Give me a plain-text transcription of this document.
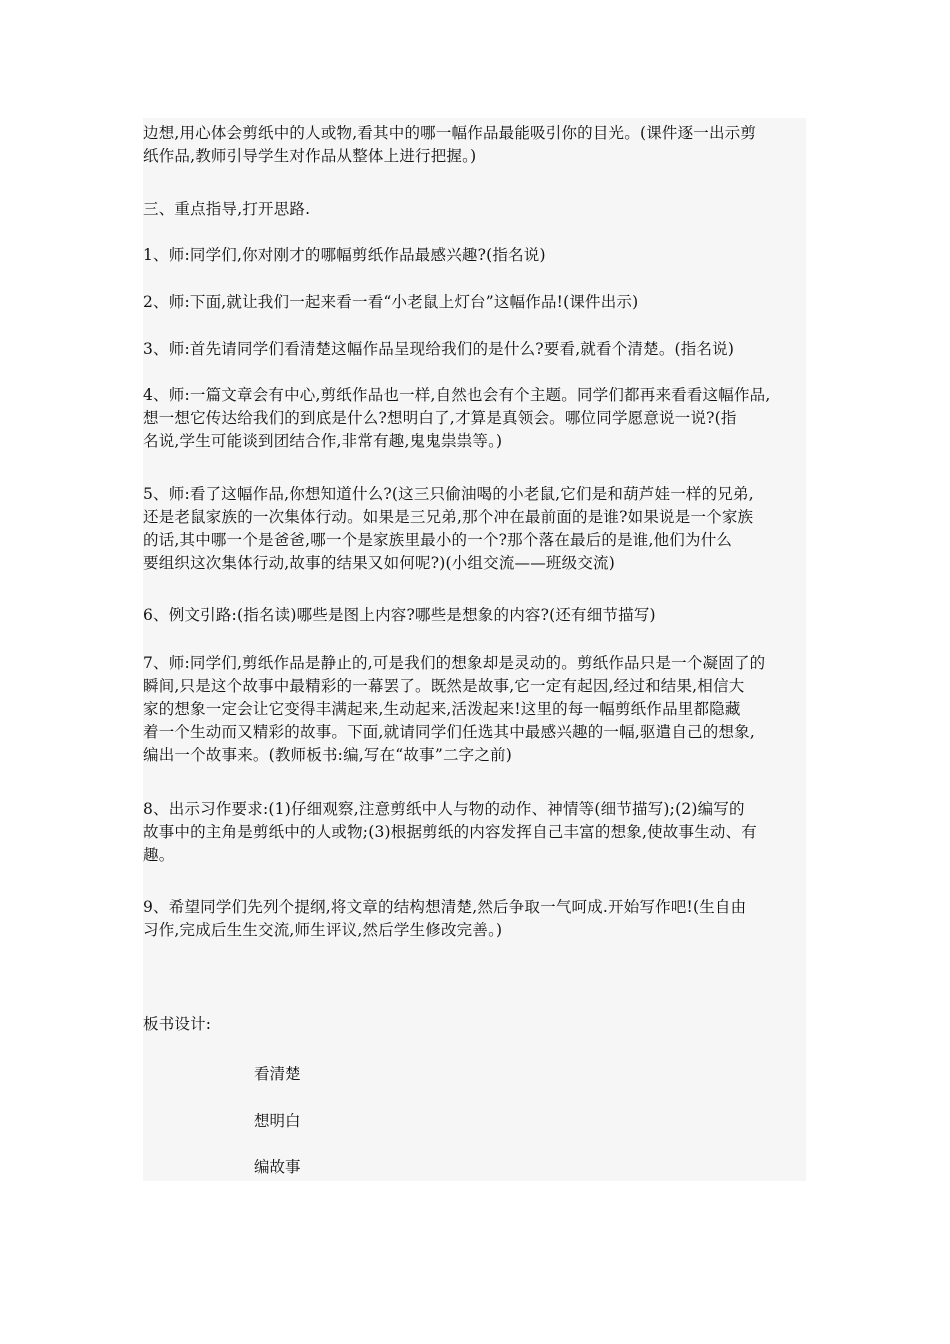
边想,用心体会剪纸中的人或物,看其中的哪一幅作品最能吸引你的目光。(课件逐一出示剪
纸作品,教师引导学生对作品从整体上进行把握。)

三、重点指导,打开思路.

1、师:同学们,你对刚才的哪幅剪纸作品最感兴趣?(指名说)

2、师:下面,就让我们一起来看一看“小老鼠上灯台”这幅作品!(课件出示)

3、师:首先请同学们看清楚这幅作品呈现给我们的是什么?要看,就看个清楚。(指名说)

4、师:一篇文章会有中心,剪纸作品也一样,自然也会有个主题。同学们都再来看看这幅作品,
想一想它传达给我们的到底是什么?想明白了,才算是真领会。哪位同学愿意说一说?(指
名说,学生可能谈到团结合作,非常有趣,鬼鬼祟祟等。)

5、师:看了这幅作品,你想知道什么?(这三只偷油喝的小老鼠,它们是和葫芦娃一样的兄弟,
还是老鼠家族的一次集体行动。如果是三兄弟,那个冲在最前面的是谁?如果说是一个家族
的话,其中哪一个是爸爸,哪一个是家族里最小的一个?那个落在最后的是谁,他们为什么
要组织这次集体行动,故事的结果又如何呢?)(小组交流——班级交流)

6、例文引路:(指名读)哪些是图上内容?哪些是想象的内容?(还有细节描写)

7、师:同学们,剪纸作品是静止的,可是我们的想象却是灵动的。剪纸作品只是一个凝固了的
瞬间,只是这个故事中最精彩的一幕罢了。既然是故事,它一定有起因,经过和结果,相信大
家的想象一定会让它变得丰满起来,生动起来,活泼起来!这里的每一幅剪纸作品里都隐藏
着一个生动而又精彩的故事。下面,就请同学们任选其中最感兴趣的一幅,驱遣自己的想象,
编出一个故事来。(教师板书:编,写在“故事”二字之前)

8、出示习作要求:(1)仔细观察,注意剪纸中人与物的动作、神情等(细节描写);(2)编写的
故事中的主角是剪纸中的人或物;(3)根据剪纸的内容发挥自己丰富的想象,使故事生动、有
趣。

9、希望同学们先列个提纲,将文章的结构想清楚,然后争取一气呵成.开始写作吧!(生自由
习作,完成后生生交流,师生评议,然后学生修改完善。)

板书设计:

看清楚
想明白
编故事
